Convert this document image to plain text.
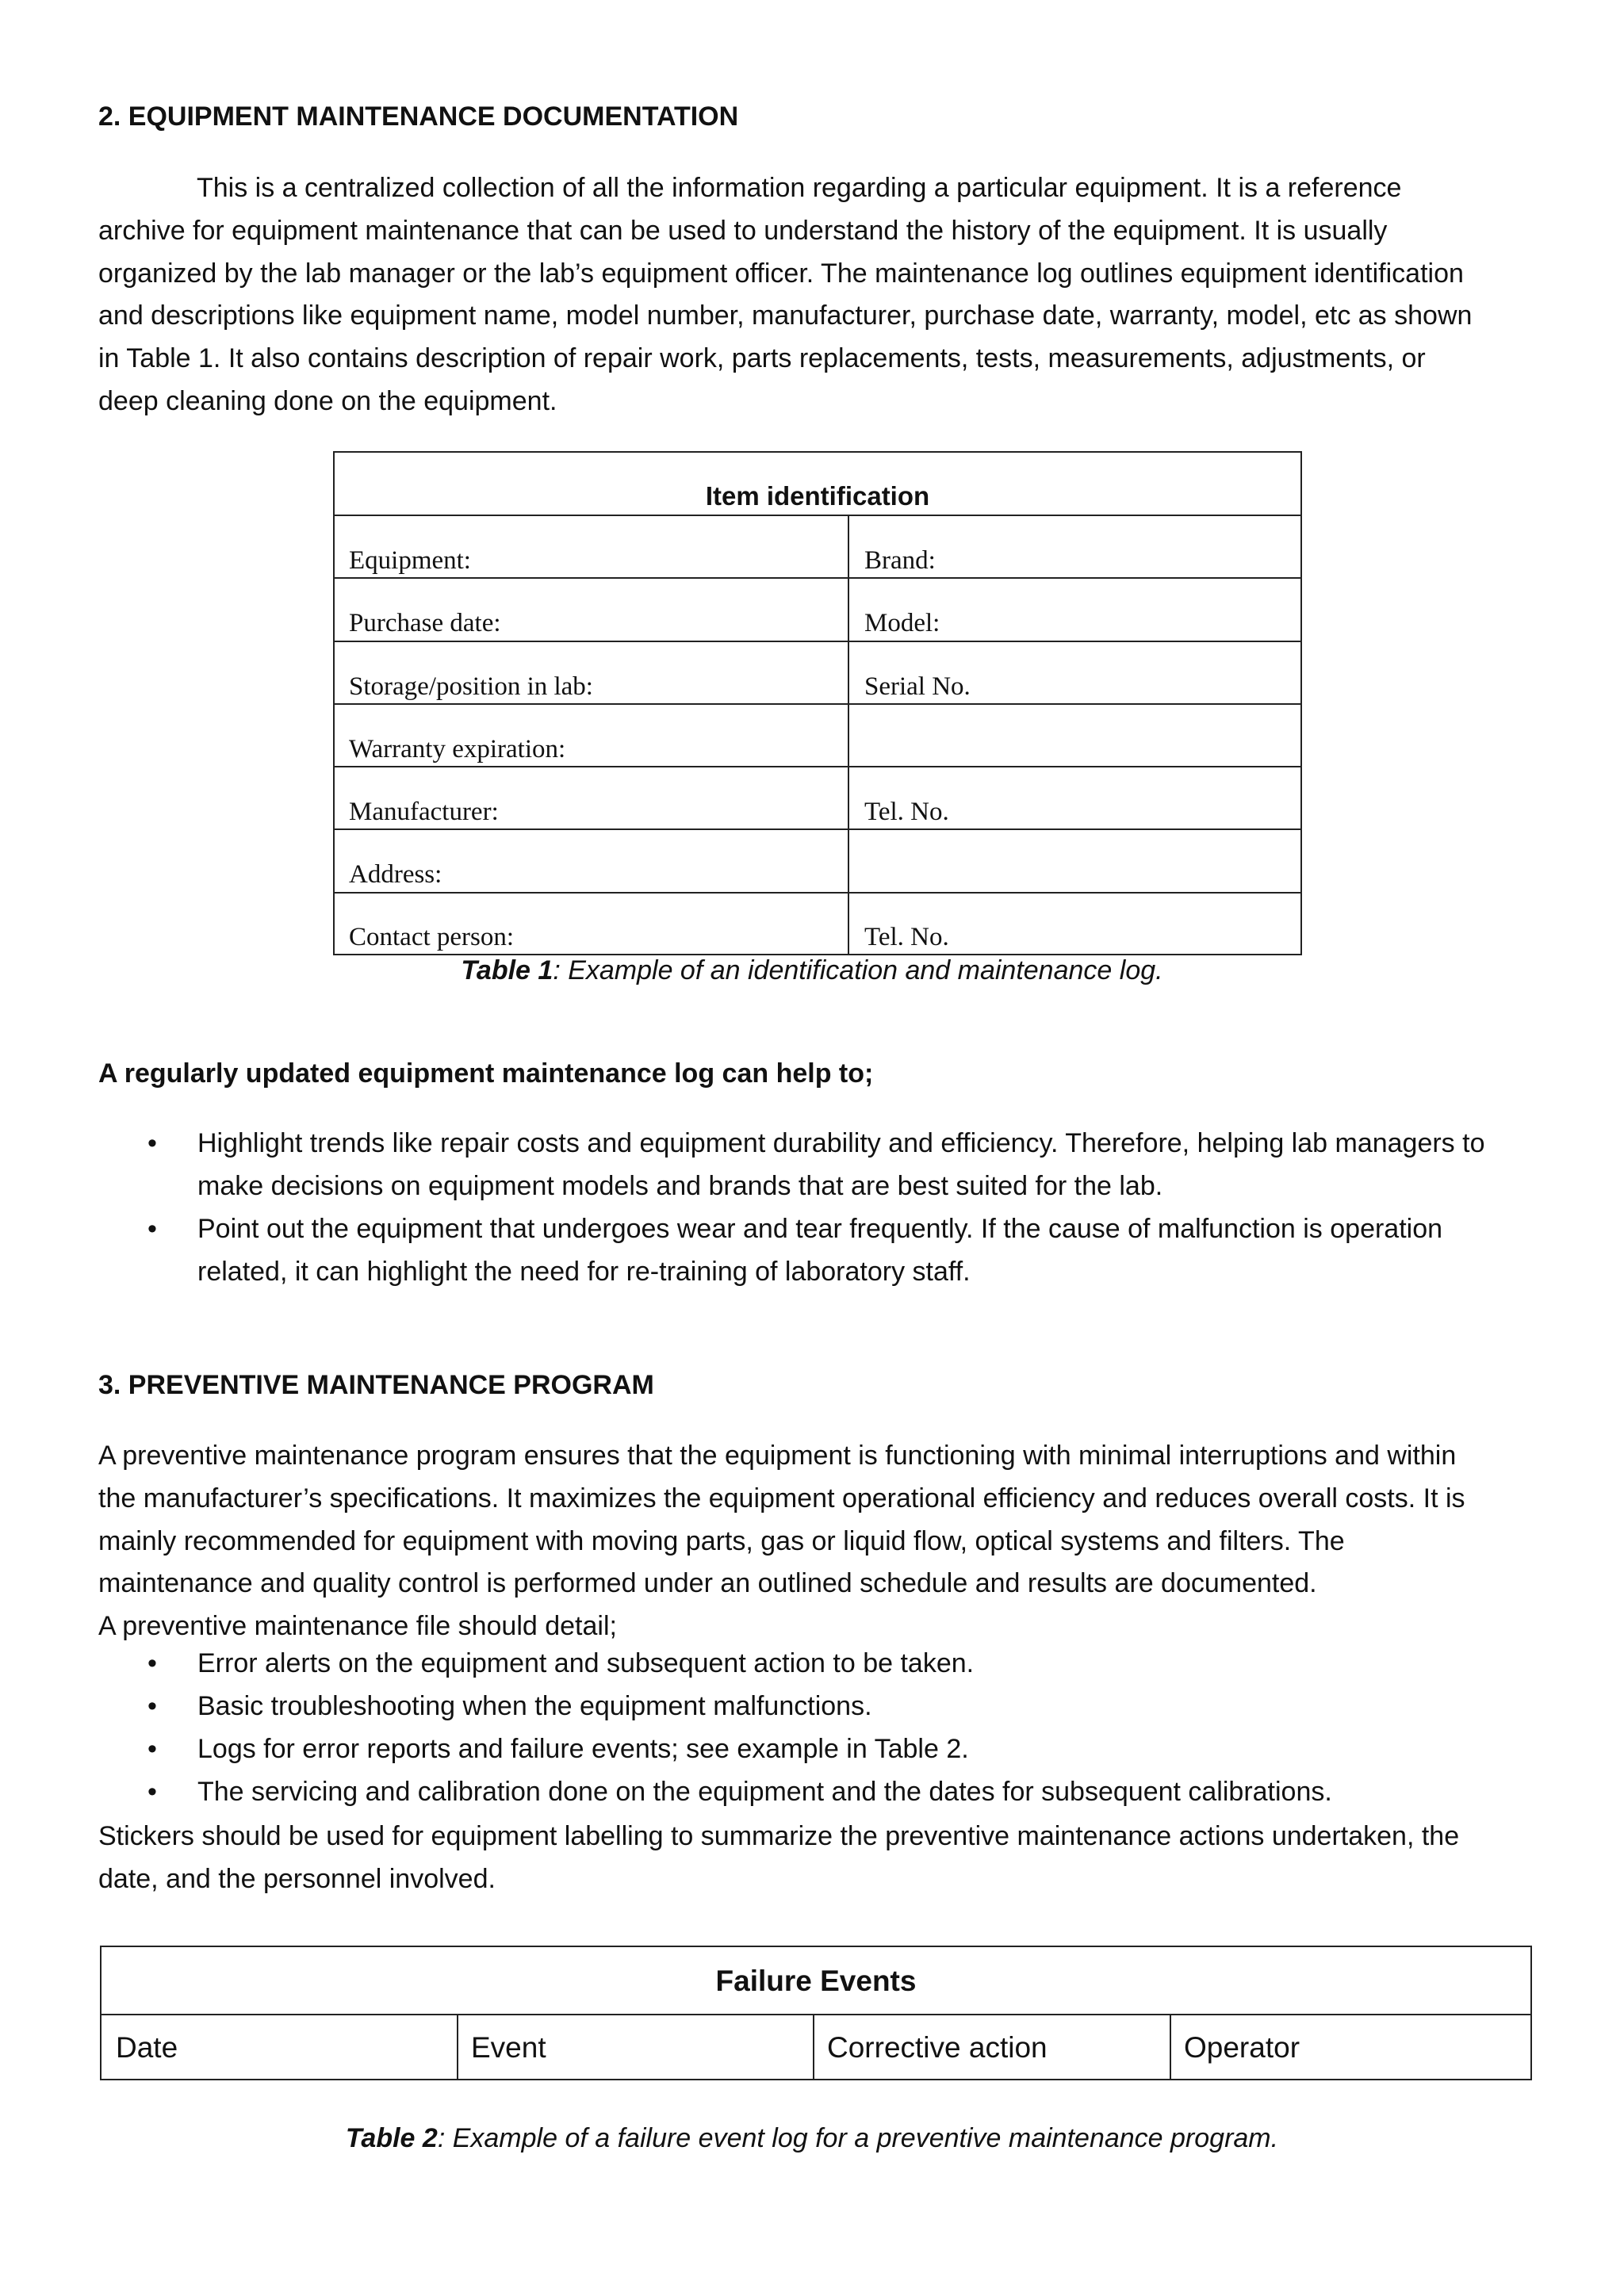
2. EQUIPMENT MAINTENANCE DOCUMENTATION
This is a centralized collection of all the information regarding a particular equipment. It is a reference
archive for equipment maintenance that can be used to understand the history of the equipment. It is usually
organized by the lab manager or the lab’s equipment officer. The maintenance log outlines equipment identification
and descriptions like equipment name, model number, manufacturer, purchase date, warranty, model, etc as shown
in Table 1. It also contains description of repair work, parts replacements, tests, measurements, adjustments, or
deep cleaning done on the equipment.
Item identification
Equipment:	Brand:
Purchase date:	Model:
Storage/position in lab:	Serial No.
Warranty expiration:
Manufacturer:	Tel. No.
Address:
Contact person:	Tel. No.
Table 1: Example of an identification and maintenance log.
A regularly updated equipment maintenance log can help to;
• Highlight trends like repair costs and equipment durability and efficiency. Therefore, helping lab managers to
make decisions on equipment models and brands that are best suited for the lab.
• Point out the equipment that undergoes wear and tear frequently. If the cause of malfunction is operation
related, it can highlight the need for re-training of laboratory staff.
3. PREVENTIVE MAINTENANCE PROGRAM
A preventive maintenance program ensures that the equipment is functioning with minimal interruptions and within
the manufacturer’s specifications. It maximizes the equipment operational efficiency and reduces overall costs. It is
mainly recommended for equipment with moving parts, gas or liquid flow, optical systems and filters. The
maintenance and quality control is performed under an outlined schedule and results are documented.
A preventive maintenance file should detail;
• Error alerts on the equipment and subsequent action to be taken.
• Basic troubleshooting when the equipment malfunctions.
• Logs for error reports and failure events; see example in Table 2.
• The servicing and calibration done on the equipment and the dates for subsequent calibrations.
Stickers should be used for equipment labelling to summarize the preventive maintenance actions undertaken, the
date, and the personnel involved.
Failure Events
Date	Event	Corrective action	Operator
Table 2: Example of a failure event log for a preventive maintenance program.
